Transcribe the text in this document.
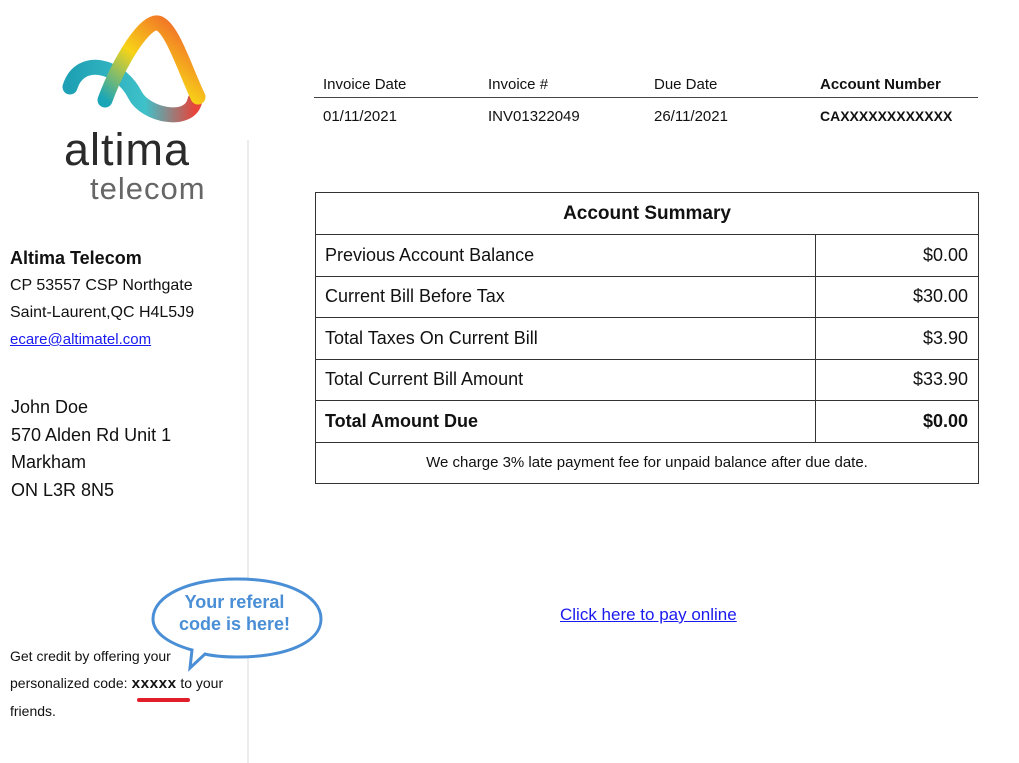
altima
telecom
Altima Telecom
CP 53557 CSP Northgate
Saint-Laurent,QC H4L5J9
ecare@altimatel.com
John Doe
570 Alden Rd Unit 1
Markham
ON L3R 8N5
Your referal
code is here!
Get credit by offering your personalized code: xxxxx to your friends.
Invoice Date	Invoice #	Due Date	Account Number
01/11/2021	INV01322049	26/11/2021	CAXXXXXXXXXXXX
Account Summary
Previous Account Balance	$0.00
Current Bill Before Tax	$30.00
Total Taxes On Current Bill	$3.90
Total Current Bill Amount	$33.90
Total Amount Due	$0.00
We charge 3% late payment fee for unpaid balance after due date.
Click here to pay online
